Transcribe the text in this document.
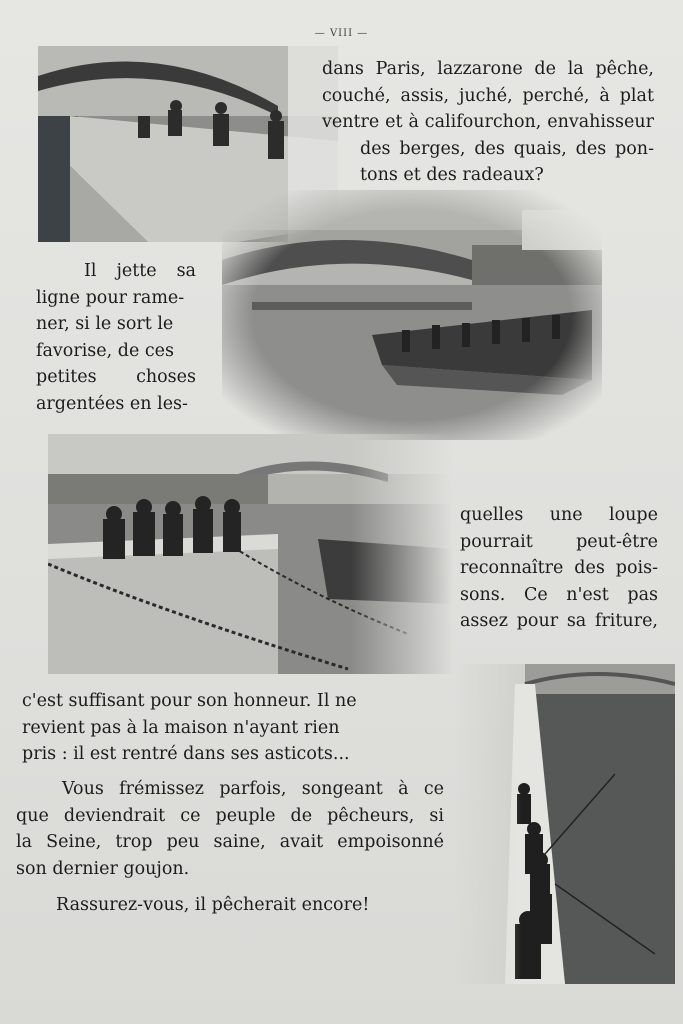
— VIII —

dans Paris, lazzarone de la pêche,
couché, assis, juché, perché, à plat
ventre et à califourchon, envahisseur
des berges, des quais, des pon-
tons et des radeaux?

Il jette sa
ligne pour rame-
ner, si le sort le
favorise, de ces
petites choses
argentées en les-

quelles une loupe
pourrait peut-être
reconnaître des pois-
sons. Ce n'est pas
assez pour sa friture,

c'est suffisant pour son honneur. Il ne
revient pas à la maison n'ayant rien
pris : il est rentré dans ses asticots...

Vous frémissez parfois, songeant à ce
que deviendrait ce peuple de pêcheurs, si
la Seine, trop peu saine, avait empoisonné
son dernier goujon.

Rassurez-vous, il pêcherait encore!
